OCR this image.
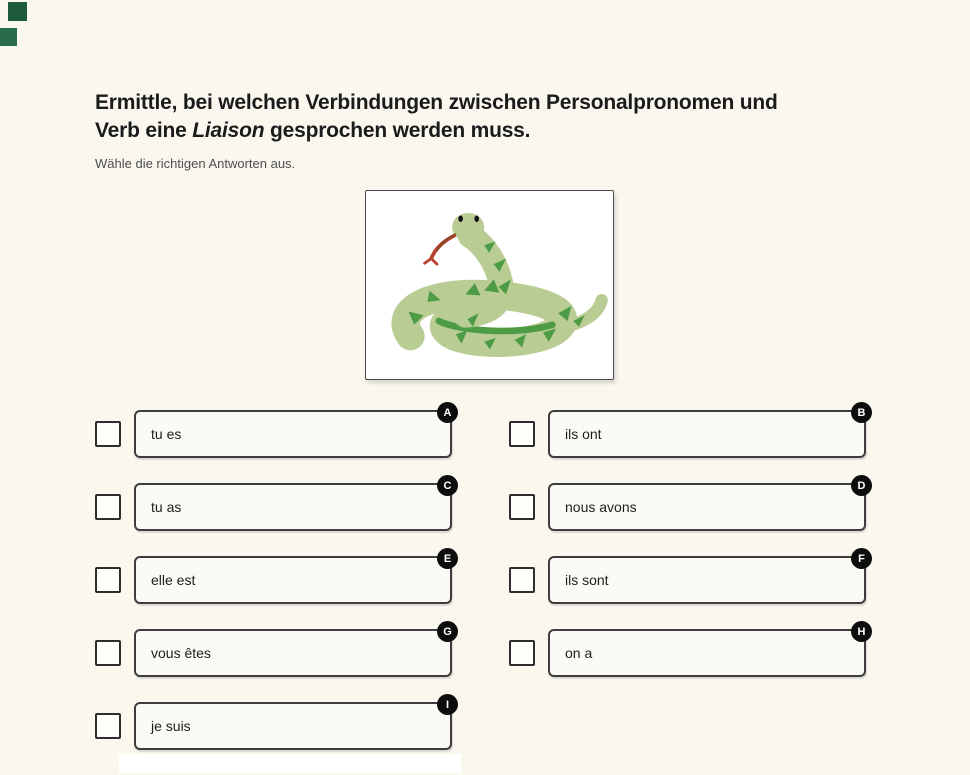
Ermittle, bei welchen Verbindungen zwischen Personalpronomen und
Verb eine Liaison gesprochen werden muss.
Wähle die richtigen Antworten aus.
tu es
A
tu as
C
elle est
E
vous êtes
G
je suis
I
ils ont
B
nous avons
D
ils sont
F
on a
H
